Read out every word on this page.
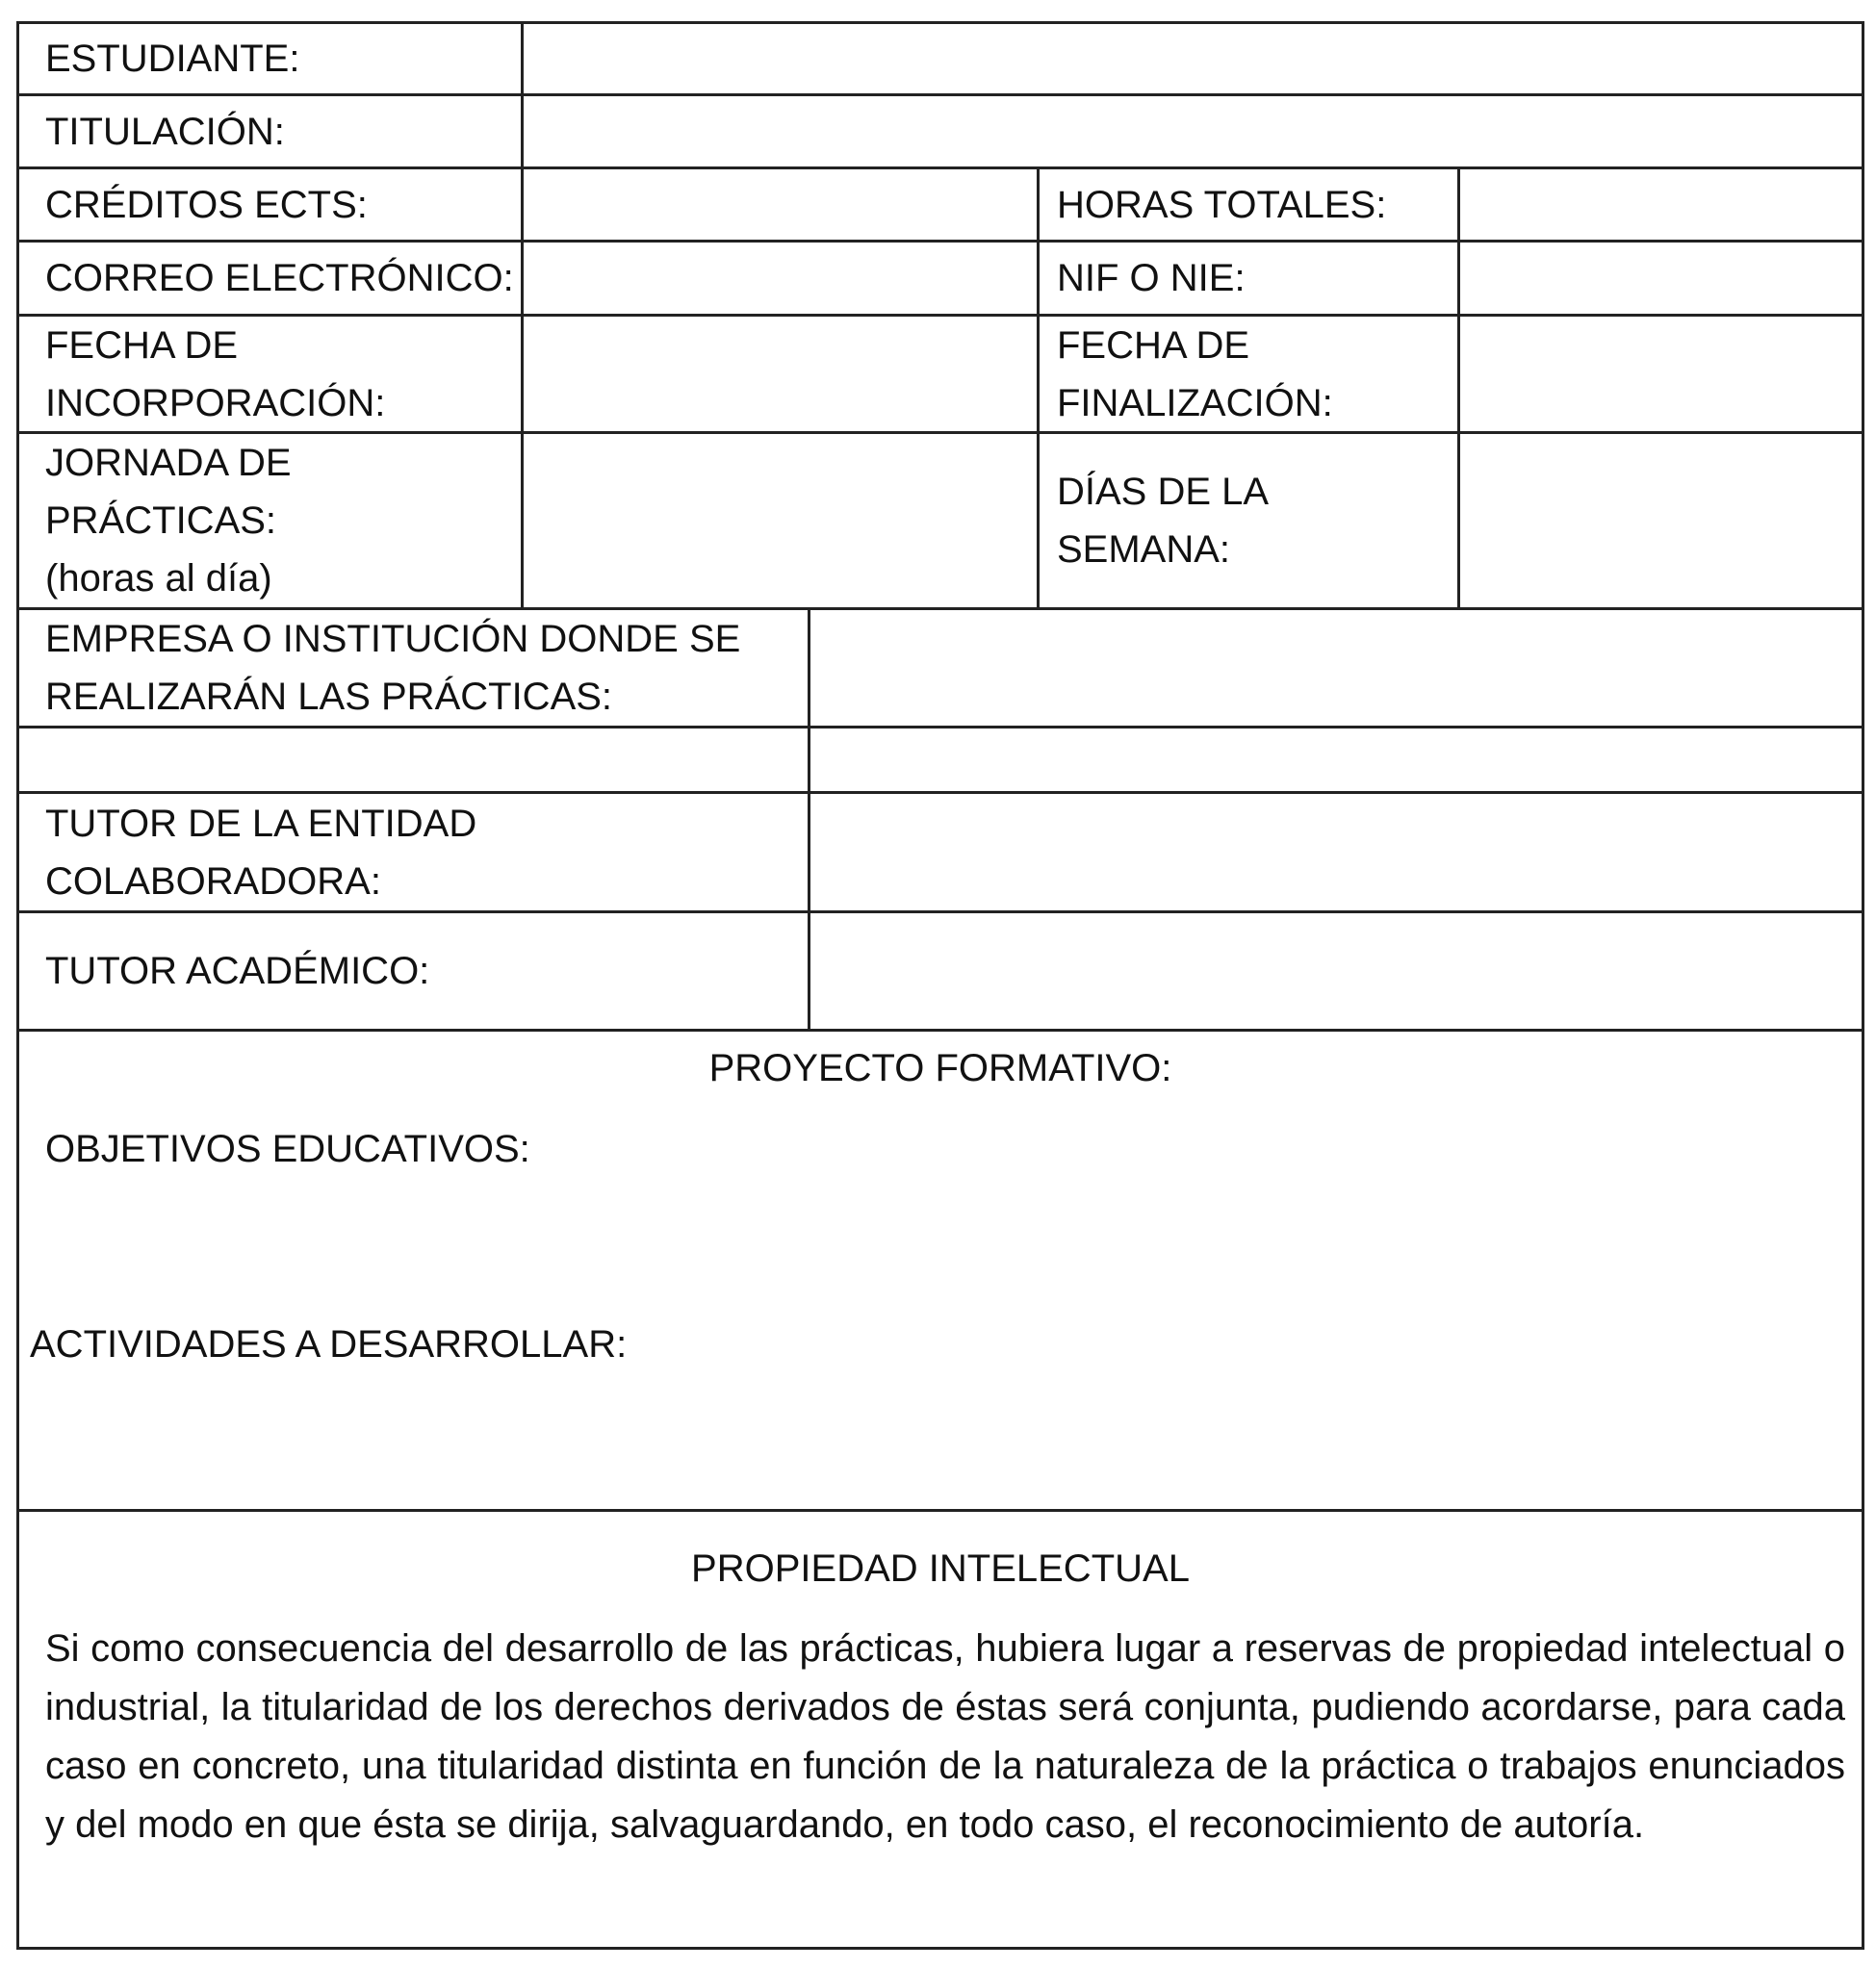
ESTUDIANTE:
TITULACIÓN:
CRÉDITOS ECTS:	HORAS TOTALES:
CORREO ELECTRÓNICO:	NIF O NIE:
FECHA DE INCORPORACIÓN:
FECHA DE FINALIZACIÓN:
JORNADA DE PRÁCTICAS:
(horas al día)
DÍAS DE LA SEMANA:
EMPRESA O INSTITUCIÓN DONDE SE REALIZARÁN LAS PRÁCTICAS:
TUTOR DE LA ENTIDAD COLABORADORA:
TUTOR ACADÉMICO:
PROYECTO FORMATIVO:
OBJETIVOS EDUCATIVOS:
ACTIVIDADES A DESARROLLAR:
PROPIEDAD INTELECTUAL
Si como consecuencia del desarrollo de las prácticas, hubiera lugar a reservas de propiedad intelectual o industrial, la titularidad de los derechos derivados de éstas será conjunta, pudiendo acordarse, para cada caso en concreto, una titularidad distinta en función de la naturaleza de la práctica o trabajos enunciados y del modo en que ésta se dirija, salvaguardando, en todo caso, el reconocimiento de autoría.
